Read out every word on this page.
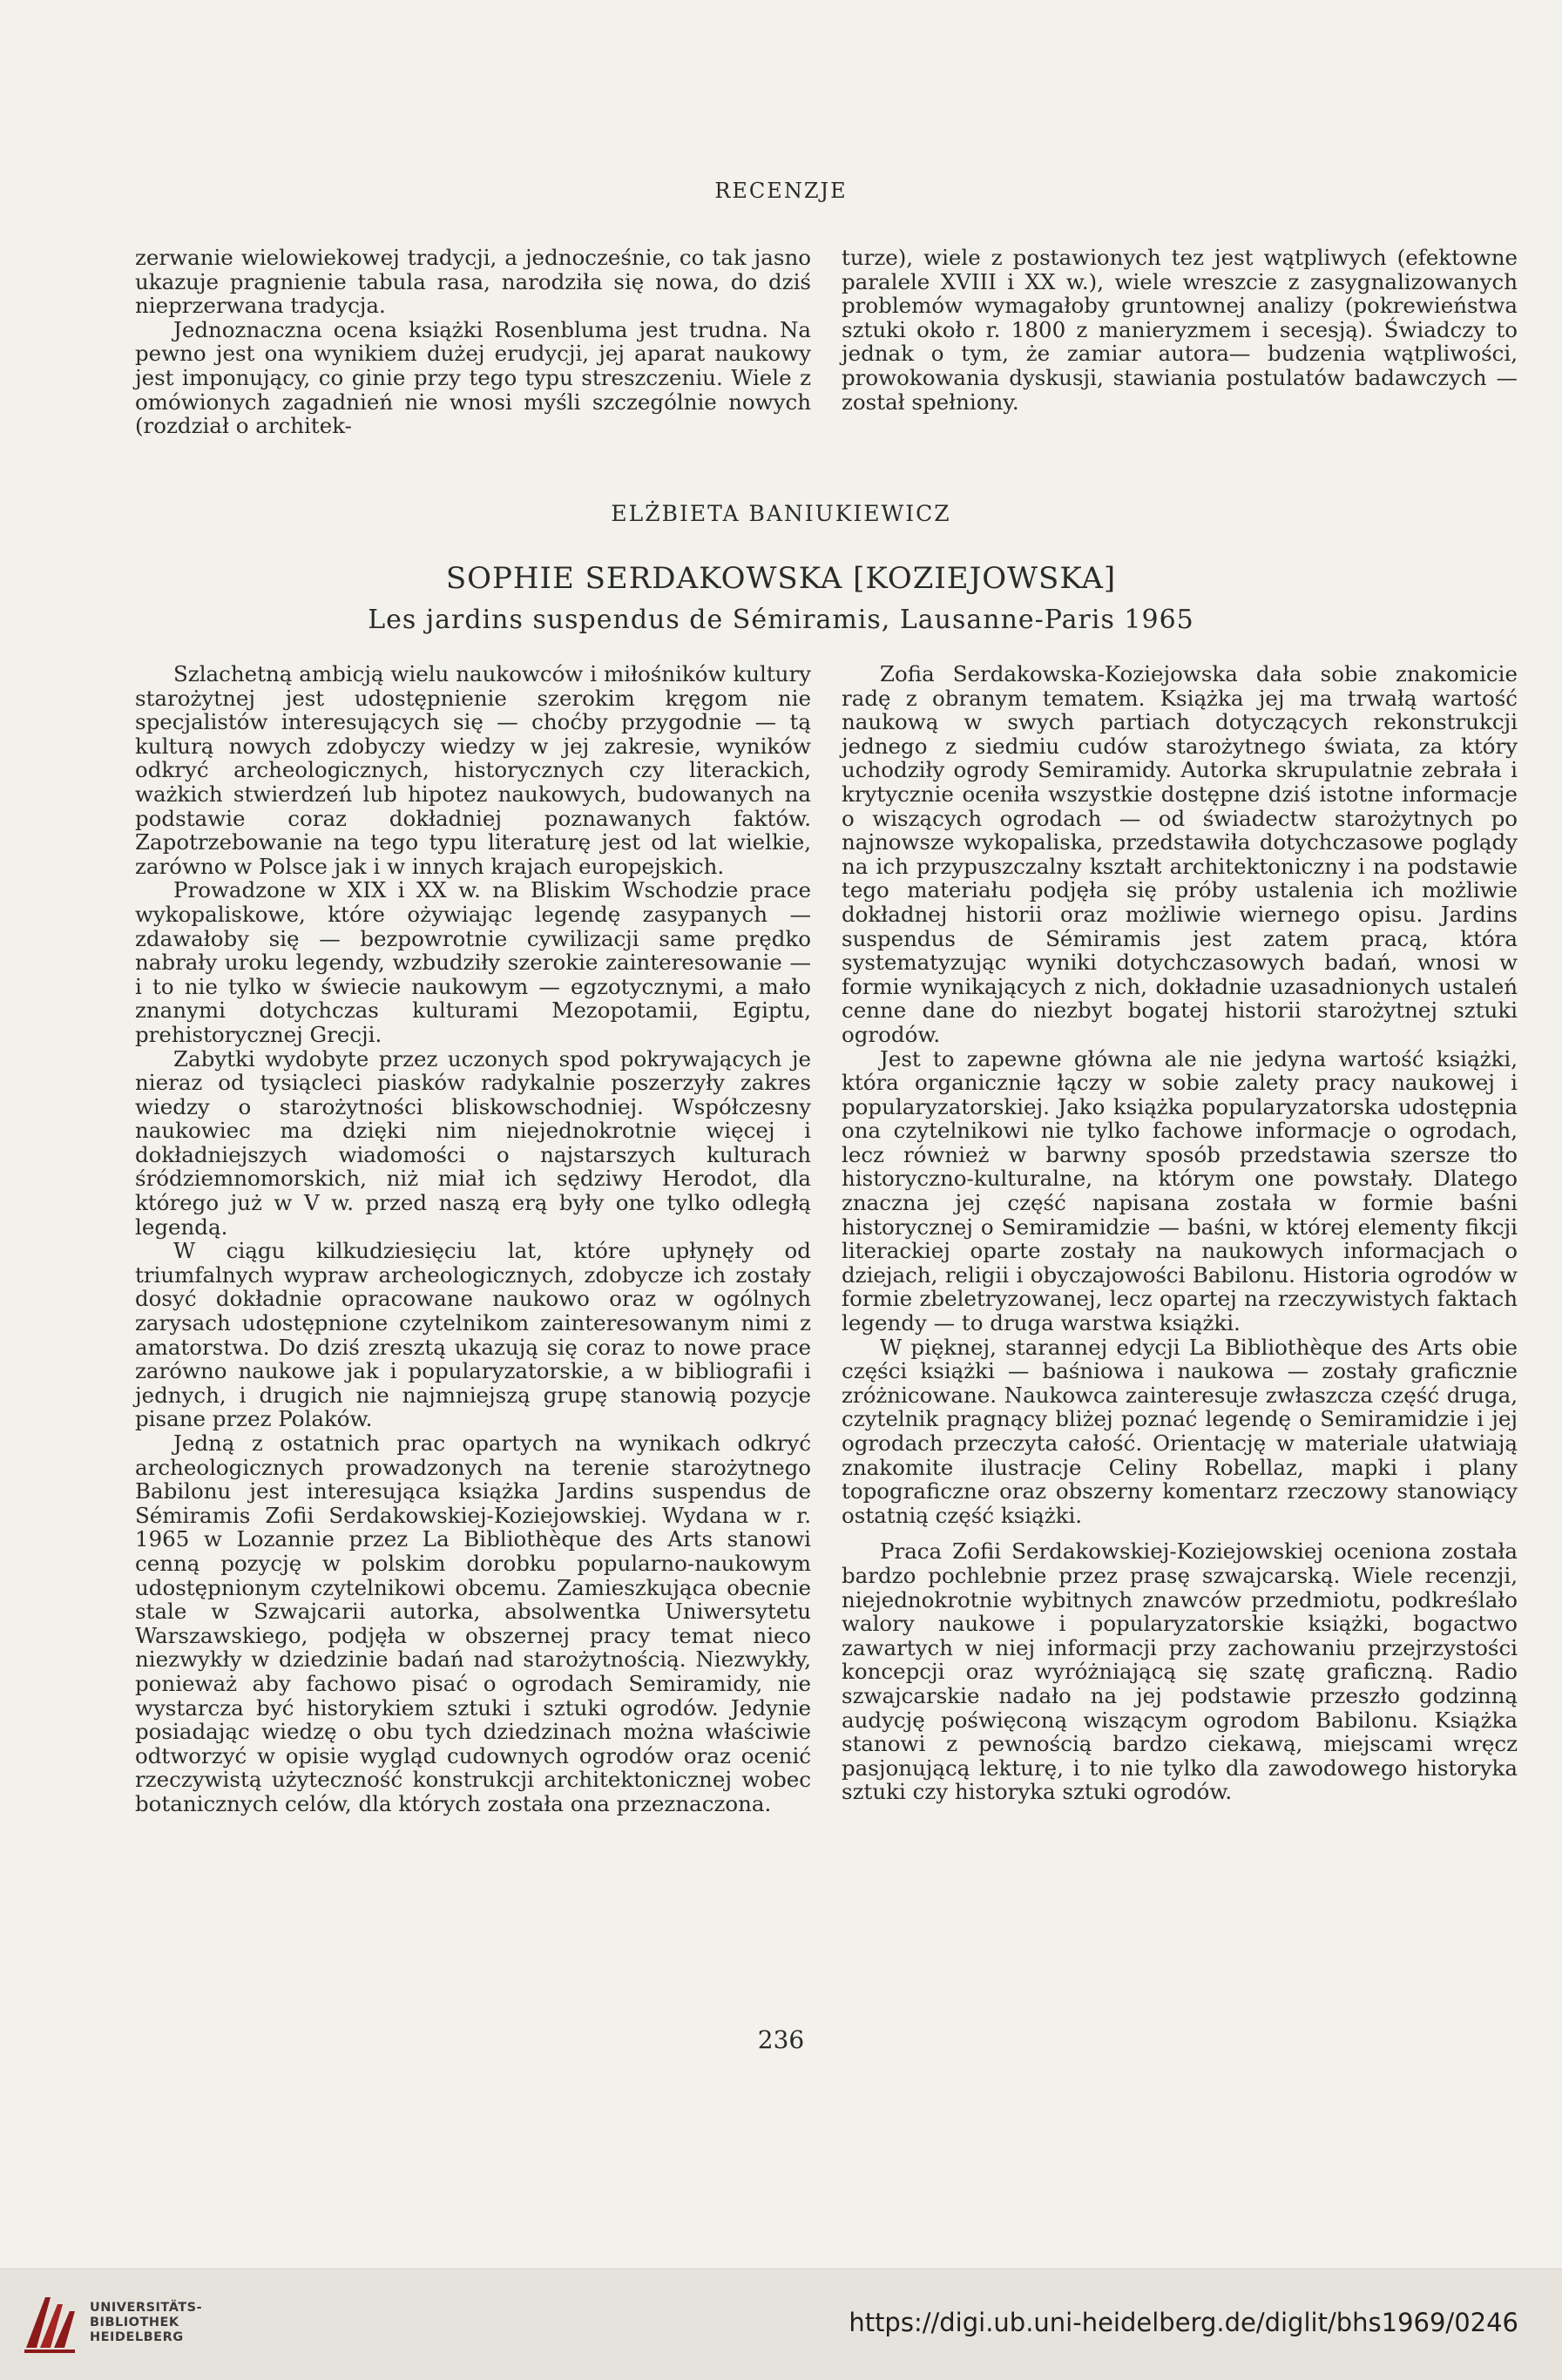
RECENZJE

zerwanie wielowiekowej tradycji, a jednocześnie, co tak jasno ukazuje pragnienie tabula rasa, narodziła się nowa, do dziś nieprzerwana tradycja.

Jednoznaczna ocena książki Rosenbluma jest trudna. Na pewno jest ona wynikiem dużej erudycji, jej aparat naukowy jest imponujący, co ginie przy tego typu streszczeniu. Wiele z omówionych zagadnień nie wnosi myśli szczególnie nowych (rozdział o architek-

turze), wiele z postawionych tez jest wątpliwych (efektowne paralele XVIII i XX w.), wiele wreszcie z zasygnalizowanych problemów wymagałoby gruntownej analizy (pokrewieństwa sztuki około r. 1800 z manieryzmem i secesją). Świadczy to jednak o tym, że zamiar autora— budzenia wątpliwości, prowokowania dyskusji, stawiania postulatów badawczych — został spełniony.

ELŻBIETA BANIUKIEWICZ
SOPHIE SERDAKOWSKA [KOZIEJOWSKA]
Les jardins suspendus de Sémiramis, Lausanne-Paris 1965

Szlachetną ambicją wielu naukowców i miłośników kultury starożytnej jest udostępnienie szerokim kręgom nie specjalistów interesujących się — choćby przygodnie — tą kulturą nowych zdobyczy wiedzy w jej zakresie, wyników odkryć archeologicznych, historycznych czy literackich, ważkich stwierdzeń lub hipotez naukowych, budowanych na podstawie coraz dokładniej poznawanych faktów. Zapotrzebowanie na tego typu literaturę jest od lat wielkie, zarówno w Polsce jak i w innych krajach europejskich.

Prowadzone w XIX i XX w. na Bliskim Wschodzie prace wykopaliskowe, które ożywiając legendę zasypanych — zdawałoby się — bezpowrotnie cywilizacji same prędko nabrały uroku legendy, wzbudziły szerokie zainteresowanie — i to nie tylko w świecie naukowym — egzotycznymi, a mało znanymi dotychczas kulturami Mezopotamii, Egiptu, prehistorycznej Grecji.

Zabytki wydobyte przez uczonych spod pokrywających je nieraz od tysiącleci piasków radykalnie poszerzyły zakres wiedzy o starożytności bliskowschodniej. Współczesny naukowiec ma dzięki nim niejednokrotnie więcej i dokładniejszych wiadomości o najstarszych kulturach śródziemnomorskich, niż miał ich sędziwy Herodot, dla którego już w V w. przed naszą erą były one tylko odległą legendą.

W ciągu kilkudziesięciu lat, które upłynęły od triumfalnych wypraw archeologicznych, zdobycze ich zostały dosyć dokładnie opracowane naukowo oraz w ogólnych zarysach udostępnione czytelnikom zainteresowanym nimi z amatorstwa. Do dziś zresztą ukazują się coraz to nowe prace zarówno naukowe jak i popularyzatorskie, a w bibliografii i jednych, i drugich nie najmniejszą grupę stanowią pozycje pisane przez Polaków.

Jedną z ostatnich prac opartych na wynikach odkryć archeologicznych prowadzonych na terenie starożytnego Babilonu jest interesująca książka Jardins suspendus de Sémiramis Zofii Serdakowskiej-Koziejowskiej. Wydana w r. 1965 w Lozannie przez La Bibliothèque des Arts stanowi cenną pozycję w polskim dorobku popularno-naukowym udostępnionym czytelnikowi obcemu. Zamieszkująca obecnie stale w Szwajcarii autorka, absolwentka Uniwersytetu Warszawskiego, podjęła w obszernej pracy temat nieco niezwykły w dziedzinie badań nad starożytnością. Niezwykły, ponieważ aby fachowo pisać o ogrodach Semiramidy, nie wystarcza być historykiem sztuki i sztuki ogrodów. Jedynie posiadając wiedzę o obu tych dziedzinach można właściwie odtworzyć w opisie wygląd cudownych ogrodów oraz ocenić rzeczywistą użyteczność konstrukcji architektonicznej wobec botanicznych celów, dla których została ona przeznaczona.

Zofia Serdakowska-Koziejowska dała sobie znakomicie radę z obranym tematem. Książka jej ma trwałą wartość naukową w swych partiach dotyczących rekonstrukcji jednego z siedmiu cudów starożytnego świata, za który uchodziły ogrody Semiramidy. Autorka skrupulatnie zebrała i krytycznie oceniła wszystkie dostępne dziś istotne informacje o wiszących ogrodach — od świadectw starożytnych po najnowsze wykopaliska, przedstawiła dotychczasowe poglądy na ich przypuszczalny kształt architektoniczny i na podstawie tego materiału podjęła się próby ustalenia ich możliwie dokładnej historii oraz możliwie wiernego opisu. Jardins suspendus de Sémiramis jest zatem pracą, która systematyzując wyniki dotychczasowych badań, wnosi w formie wynikających z nich, dokładnie uzasadnionych ustaleń cenne dane do niezbyt bogatej historii starożytnej sztuki ogrodów.

Jest to zapewne główna ale nie jedyna wartość książki, która organicznie łączy w sobie zalety pracy naukowej i popularyzatorskiej. Jako książka popularyzatorska udostępnia ona czytelnikowi nie tylko fachowe informacje o ogrodach, lecz również w barwny sposób przedstawia szersze tło historyczno-kulturalne, na którym one powstały. Dlatego znaczna jej część napisana została w formie baśni historycznej o Semiramidzie — baśni, w której elementy fikcji literackiej oparte zostały na naukowych informacjach o dziejach, religii i obyczajowości Babilonu. Historia ogrodów w formie zbeletryzowanej, lecz opartej na rzeczywistych faktach legendy — to druga warstwa książki.

W pięknej, starannej edycji La Bibliothèque des Arts obie części książki — baśniowa i naukowa — zostały graficznie zróżnicowane. Naukowca zainteresuje zwłaszcza część druga, czytelnik pragnący bliżej poznać legendę o Semiramidzie i jej ogrodach przeczyta całość. Orientację w materiale ułatwiają znakomite ilustracje Celiny Robellaz, mapki i plany topograficzne oraz obszerny komentarz rzeczowy stanowiący ostatnią część książki.

Praca Zofii Serdakowskiej-Koziejowskiej oceniona została bardzo pochlebnie przez prasę szwajcarską. Wiele recenzji, niejednokrotnie wybitnych znawców przedmiotu, podkreślało walory naukowe i popularyzatorskie książki, bogactwo zawartych w niej informacji przy zachowaniu przejrzystości koncepcji oraz wyróżniającą się szatę graficzną. Radio szwajcarskie nadało na jej podstawie przeszło godzinną audycję poświęconą wiszącym ogrodom Babilonu. Książka stanowi z pewnością bardzo ciekawą, miejscami wręcz pasjonującą lekturę, i to nie tylko dla zawodowego historyka sztuki czy historyka sztuki ogrodów.

236
UNIVERSITÄTS-
BIBLIOTHEK
HEIDELBERG	https://digi.ub.uni-heidelberg.de/diglit/bhs1969/0246
